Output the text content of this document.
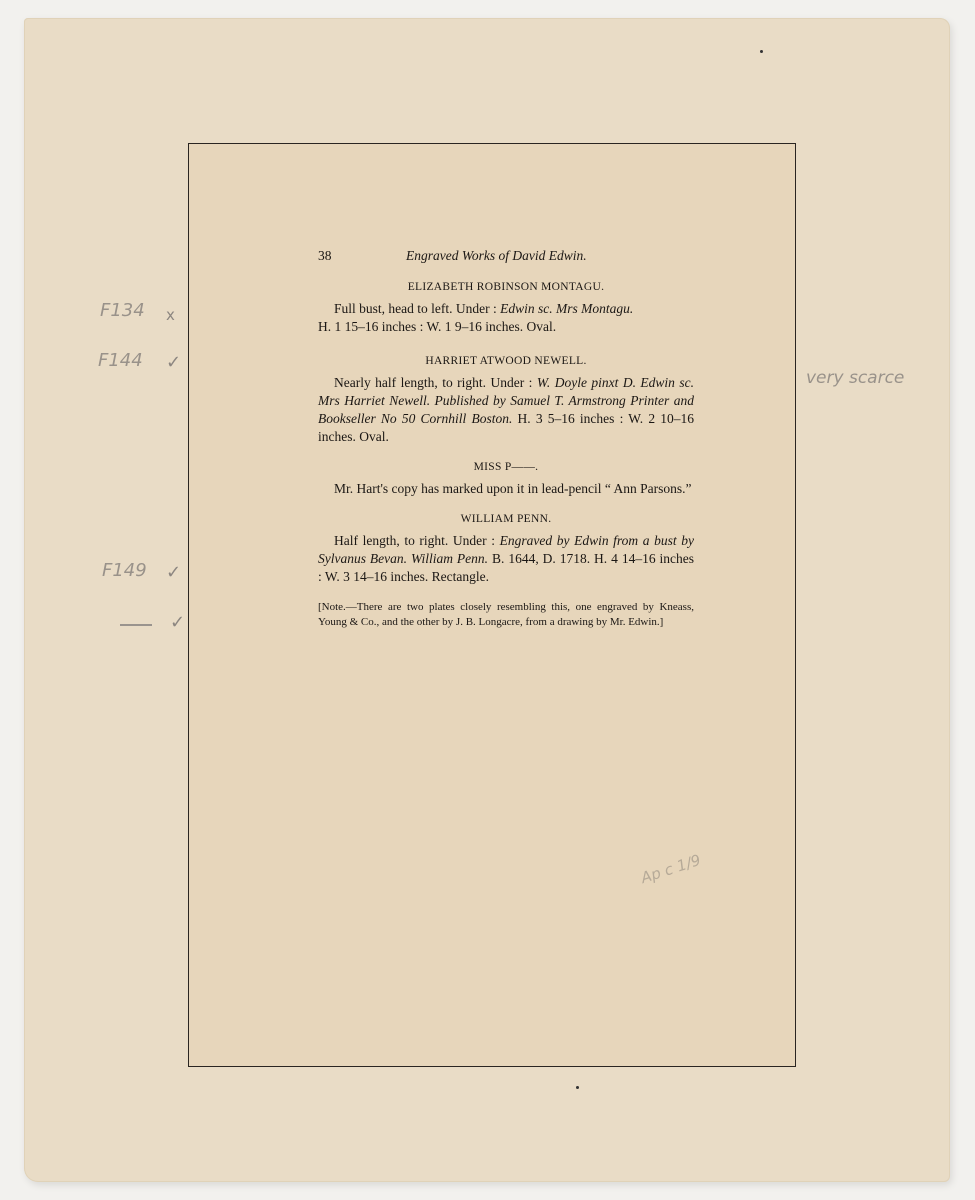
38	Engraved Works of David Edwin.
ELIZABETH ROBINSON MONTAGU.

Full bust, head to left. Under : Edwin sc. Mrs Montagu.

H. 1 15–16 inches : W. 1 9–16 inches. Oval.

HARRIET ATWOOD NEWELL.

Nearly half length, to right. Under : W. Doyle pinxt D. Edwin sc. Mrs Harriet Newell. Published by Samuel T. Armstrong Printer and Bookseller No 50 Cornhill Boston. H. 3 5–16 inches : W. 2 10–16 inches. Oval.

MISS P——.

Mr. Hart's copy has marked upon it in lead-pencil “ Ann Parsons.”

WILLIAM PENN.

Half length, to right. Under : Engraved by Edwin from a bust by Sylvanus Bevan. William Penn. B. 1644, D. 1718. H. 4 14–16 inches : W. 3 14–16 inches. Rectangle.

[Note.—There are two plates closely resembling this, one engraved by Kneass, Young & Co., and the other by J. B. Longacre, from a drawing by Mr. Edwin.]
F134 x
F144 ✓
F149 ✓
✓
very scarce
Ap c 1/9
